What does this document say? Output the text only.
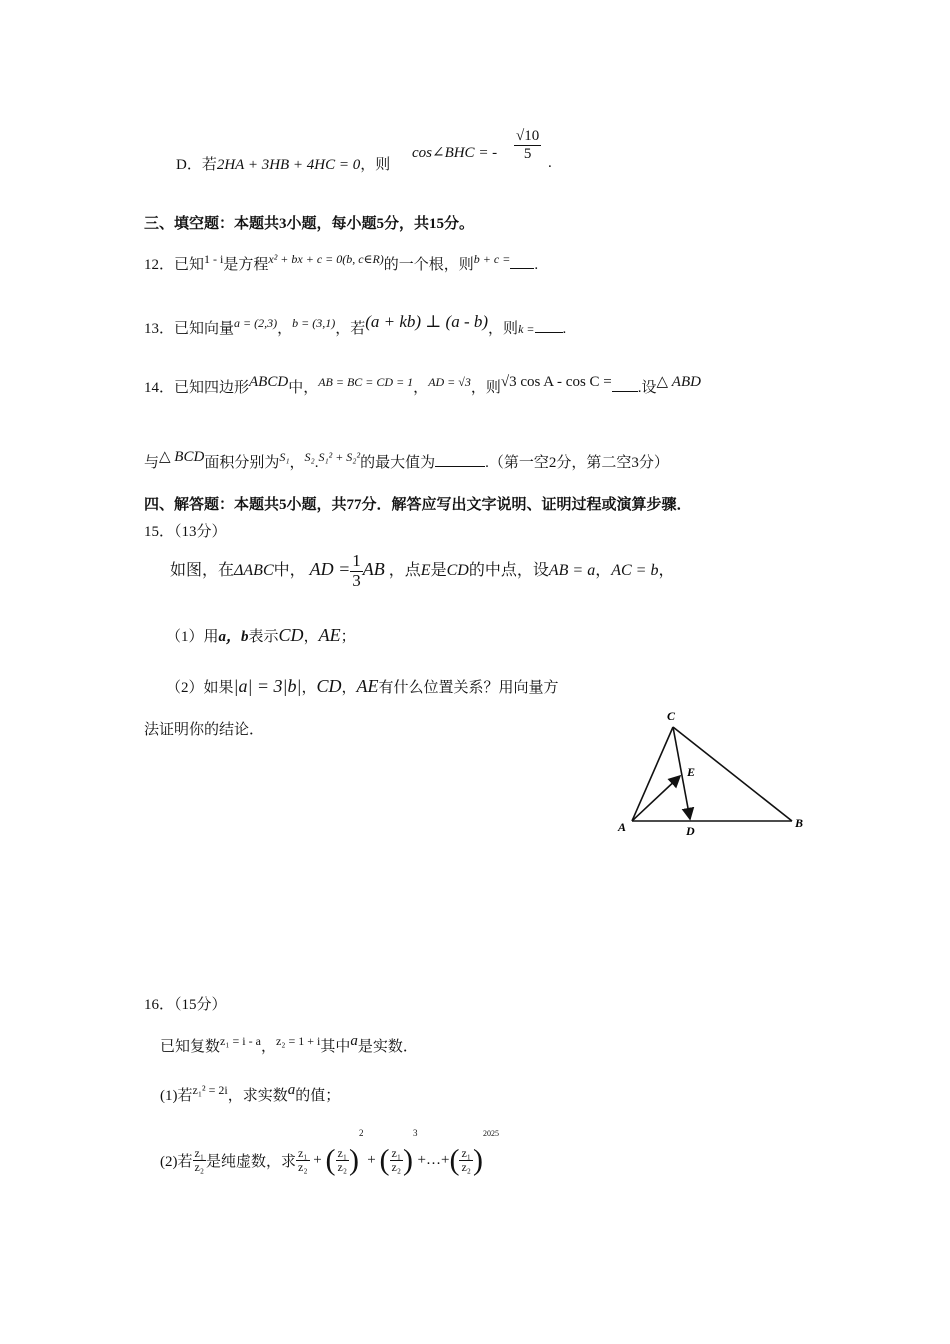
D．若2HA + 3HB + 4HC = 0，则
cos∠BHC = - $\frac{√10}{5}$
.
三、填空题：本题共3小题，每小题5分，共15分。
12．已知$^{1 - i}$是方程$^{x^2 + bx + c = 0(b, c\in R)}$的一个根，则$^{b + c =}$ .
13．已知向量$^{a = (2,3)}$，$^{b = (3,1)}$，若(a + kb) ⊥ (a - b)，则k = .
14．已知四边形ABCD中，$^{AB = BC = CD = 1}$，$^{AD = √3}$，则√3 cos A - cos C = .设△ ABD
与△ BCD面积分别为$^{S_1}$，$^{S_2}$.$^{S_1^2 + S_2^2}$的最大值为	.（第一空2分，第二空3分）
四、解答题：本题共5小题，共77分．解答应写出文字说明、证明过程或演算步骤．
15．（13分）
如图，在ΔABC中， AD = $\frac{1}{3}$ AB ，点E是CD的中点，设AB = a，AC = b，
（1）用a，b表示CD，AE；
（2）如果|a| = 3|b|，CD，AE有什么位置关系？用向量方
法证明你的结论．
C
E
A	D
B
16．（15分）
已知复数$^{z_1 = i - a}$，$^{z_2 = 1 + i}$其中a是实数．
(1)若$^{z_1^2 = 2i}$，求实数a的值；
(2)若 $\frac{\text{z₁}}{\text{z₂}}$ 是纯虚数，求 $\frac{\text{z₁}}{\text{z₂}}$ + ( $\frac{\text{z₁}}{\text{z₂}} )^2$ + ( $\frac{\text{z₁}}{\text{z₂}}$ )$^3$+…+( $\frac{\text{z₁}}{\text{z₂}} )^{2025}$
